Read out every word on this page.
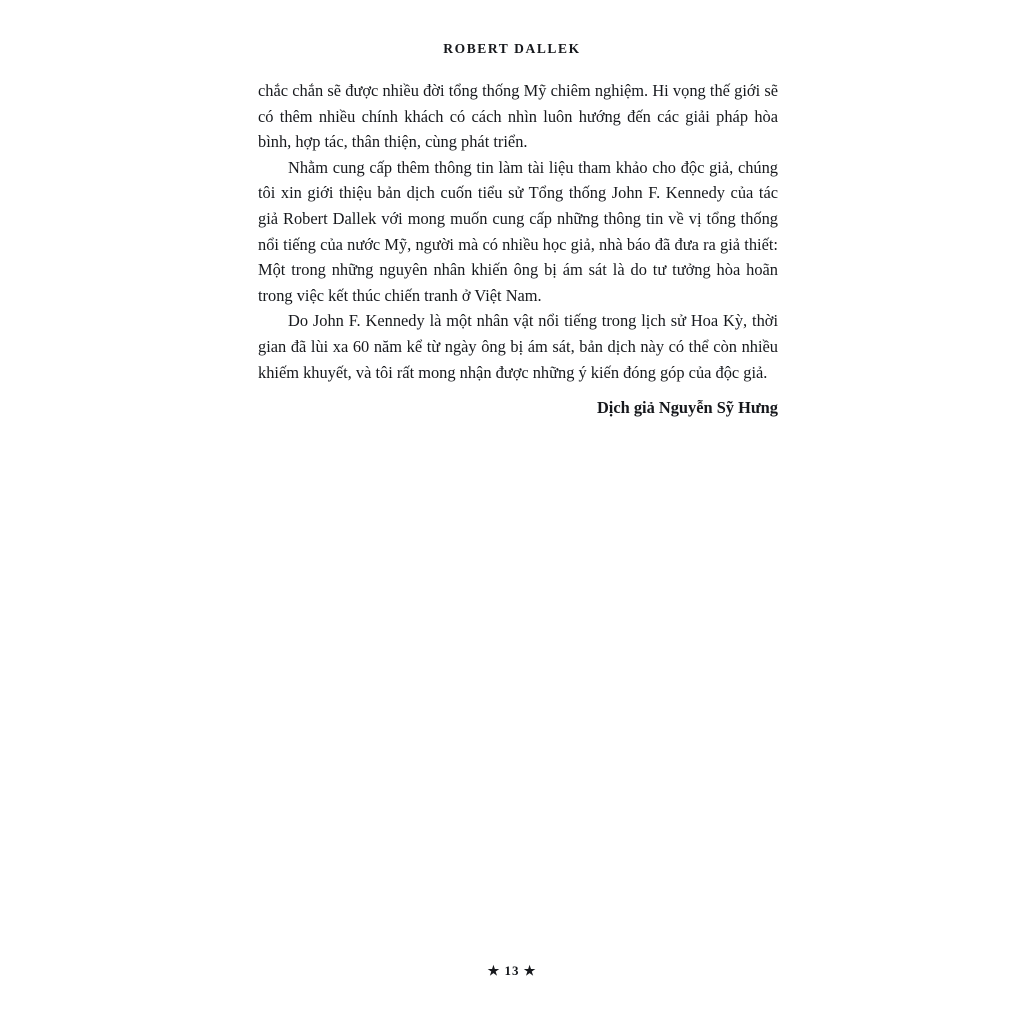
ROBERT DALLEK

chắc chắn sẽ được nhiều đời tổng thống Mỹ chiêm nghiệm. Hi vọng thế giới sẽ có thêm nhiều chính khách có cách nhìn luôn hướng đến các giải pháp hòa bình, hợp tác, thân thiện, cùng phát triển.

Nhằm cung cấp thêm thông tin làm tài liệu tham khảo cho độc giả, chúng tôi xin giới thiệu bản dịch cuốn tiểu sử Tổng thống John F. Kennedy của tác giả Robert Dallek với mong muốn cung cấp những thông tin về vị tổng thống nổi tiếng của nước Mỹ, người mà có nhiều học giả, nhà báo đã đưa ra giả thiết: Một trong những nguyên nhân khiến ông bị ám sát là do tư tưởng hòa hoãn trong việc kết thúc chiến tranh ở Việt Nam.

Do John F. Kennedy là một nhân vật nổi tiếng trong lịch sử Hoa Kỳ, thời gian đã lùi xa 60 năm kể từ ngày ông bị ám sát, bản dịch này có thể còn nhiều khiếm khuyết, và tôi rất mong nhận được những ý kiến đóng góp của độc giả.

Dịch giả Nguyễn Sỹ Hưng
★ 13 ★
